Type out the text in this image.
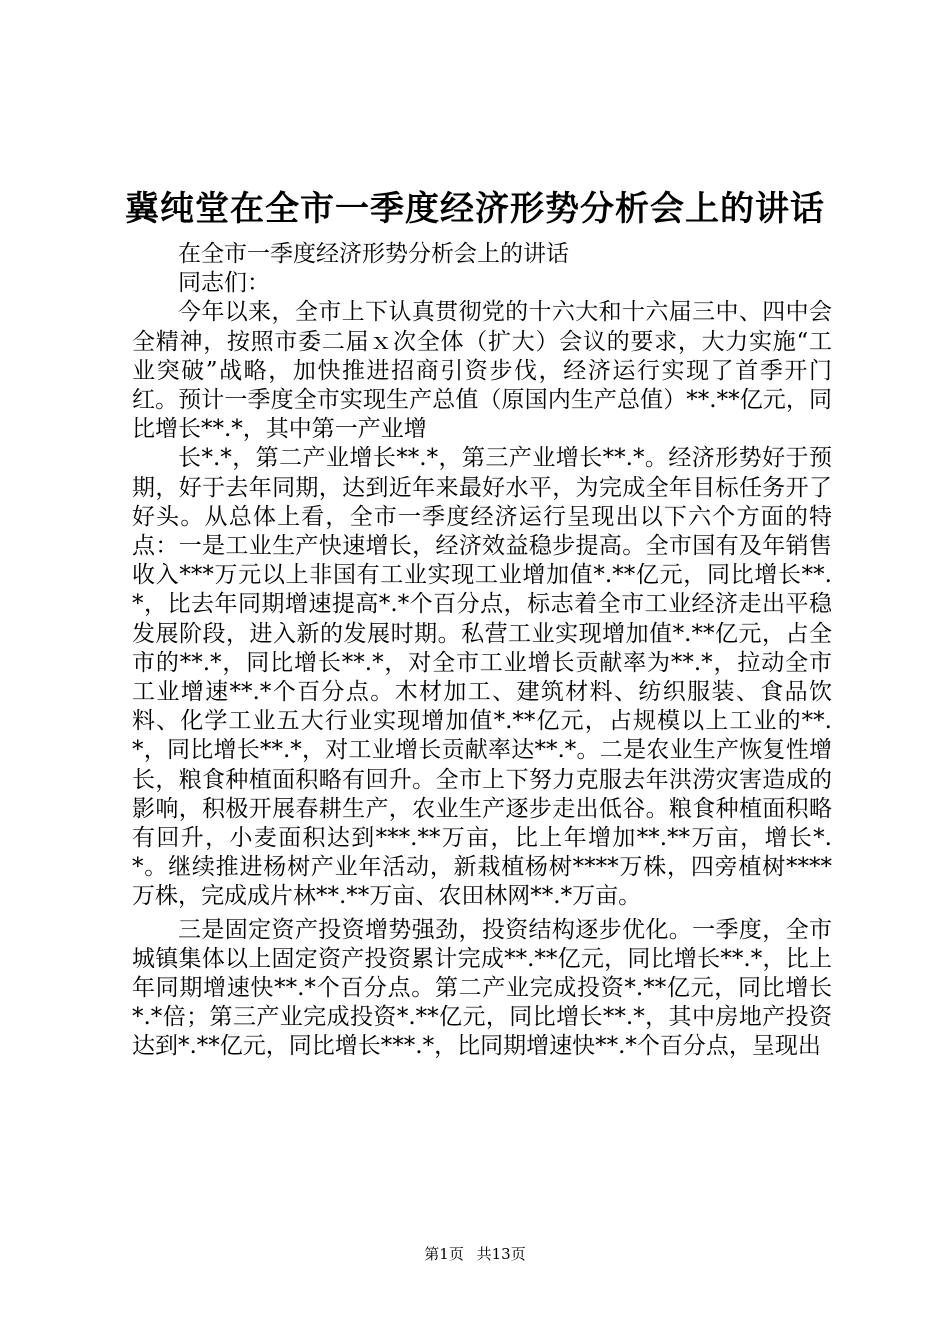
冀纯堂在全市一季度经济形势分析会上的讲话

在全市一季度经济形势分析会上的讲话

同志们：

今年以来，全市上下认真贯彻党的十六大和十六届三中、四中会全精神，按照市委二届ｘ次全体（扩大）会议的要求，大力实施“工业突破”战略，加快推进招商引资步伐，经济运行实现了首季开门红。预计一季度全市实现生产总值（原国内生产总值）**.**亿元，同比增长**.*，其中第一产业增

长*.*，第二产业增长**.*，第三产业增长**.*。经济形势好于预期，好于去年同期，达到近年来最好水平，为完成全年目标任务开了好头。从总体上看，全市一季度经济运行呈现出以下六个方面的特点：一是工业生产快速增长，经济效益稳步提高。全市国有及年销售收入***万元以上非国有工业实现工业增加值*.**亿元，同比增长**.*，比去年同期增速提高*.*个百分点，标志着全市工业经济走出平稳发展阶段，进入新的发展时期。私营工业实现增加值*.**亿元，占全市的**.*，同比增长**.*，对全市工业增长贡献率为**.*，拉动全市工业增速**.*个百分点。木材加工、建筑材料、纺织服装、食品饮料、化学工业五大行业实现增加值*.**亿元，占规模以上工业的**.*，同比增长**.*，对工业增长贡献率达**.*。二是农业生产恢复性增长，粮食种植面积略有回升。全市上下努力克服去年洪涝灾害造成的影响，积极开展春耕生产，农业生产逐步走出低谷。粮食种植面积略有回升，小麦面积达到***.**万亩，比上年增加**.**万亩，增长*.*。继续推进杨树产业年活动，新栽植杨树****万株，四旁植树****万株，完成成片林**.**万亩、农田林网**.*万亩。

三是固定资产投资增势强劲，投资结构逐步优化。一季度，全市城镇集体以上固定资产投资累计完成**.**亿元，同比增长**.*，比上年同期增速快**.*个百分点。第二产业完成投资*.**亿元，同比增长*.*倍；第三产业完成投资*.**亿元，同比增长**.*，其中房地产投资达到*.**亿元，同比增长***.*，比同期增速快**.*个百分点，呈现出

第1页 共13页
